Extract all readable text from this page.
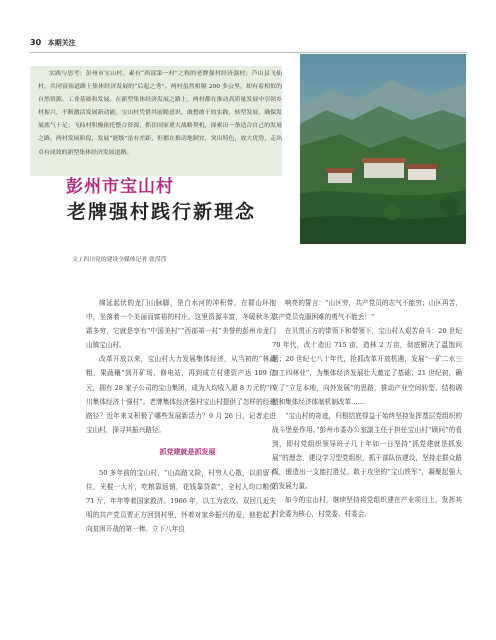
30 本期关注
实践与思考：彭州市宝山村，素有“西部第一村”之称的老牌强村经济强村；芦山县飞仙村，共同富裕道路上集体经济发展的“后起之秀”。两村虽然相隔 200 多公里，却有着相似的自然资源、工业基础和发展。在新型集体经济发展之路上，两村都在推动高质量发展中引领乡村振兴，不断激活发展新动能。宝山村凭借其前瞻意识，敢想敢干的实践，转型发展，确保发展底气十足；飞仙村积极依托整合资源，抓住国家重大战略契机，探索出一条适合自己的发展之路。两村发展阶段，发展“能级”虽有差距，但都在推动地制宜，突出特色，放大优势，走出卓有成效的新型集体经济发展道路。
彭州市宝山村
老牌强村践行新理念
文 / 四川党的建设全媒体记者 张滢滢

绵延起伏的龙门山脉脚，是白水河的冲积带，在群山环抱中，坐落着一个美丽而富裕的村庄。这里资源丰富，冬暖秋冬无霜多穷，它就是享有“中国美村”“西部第一村”美誉的彭州市龙门山镇宝山村。

改革开放以来，宝山村大力发展集体经济，从当初的“林蔬粗、果蔬穰”到开矿场、修电站，再到成立村建资产达 109 亿元，拥有 28 家子公司的宝山集团，成为人均收入超 8 万元的“四川集体经济十强村”。老牌集体经济强村宝山村提供了怎样的经验路径？近年来又积极了哪些发展新活力？9 月 26 日，记者走进宝山村，探寻其振兴路径。

抓党建就是抓发展

50 多年前的宝山村，“山高路又险，村穷人心散，以前留不住，光棍一大片，吃粮靠返销，花钱靠贷款”，全村人均口粮仅 71 斤，年年等着国家救济。1966 年，以工为农攻、双回几近失明的共产党员贾正方回到村里，怀着对家乡振兴的爱，他抢起了向贫困开战的第一棒。立下八年良

响亮的誓言：“山区穷，共产党员的志气不能穷；山区再苦，共产党员克服困难的勇气不能丢！”

在贝贯正方的带领下和带领下，宝山村人艰苦奋斗：20 世纪 70 年代，改十造田 715 亩，造林 2 万亩，彻底解决了温饱问题；20 世纪七八十年代，抢抓改革开放机遇，发展“一矿二水三加工四林业”，为集体经济发展壮大奠定了基础；21 世纪初，确立了“立足本地，向外发展”的思路，推动产业空间转型、结构调整和集体经济体制机制改革……

“宝山村的奇迹，归根结底得益于始终坚持发挥基层党组织的战斗堡垒作用。”彭州市委办公室副主任于担任宝山村“顾问”的看到，即村党组织领导班子几十年如一日坚持“抓党建就是抓发展”的理念，建设学习型党组织，抓干部队伍建设，坚持走群众路线，锻造出一支能打胜仗、敢于攻坚的“宝山铁军”，凝聚起强大的发展力量。

如今的宝山村，继续坚持将党组织建在产业项目上，发挥其村企委为核心，村党委、村委会、
